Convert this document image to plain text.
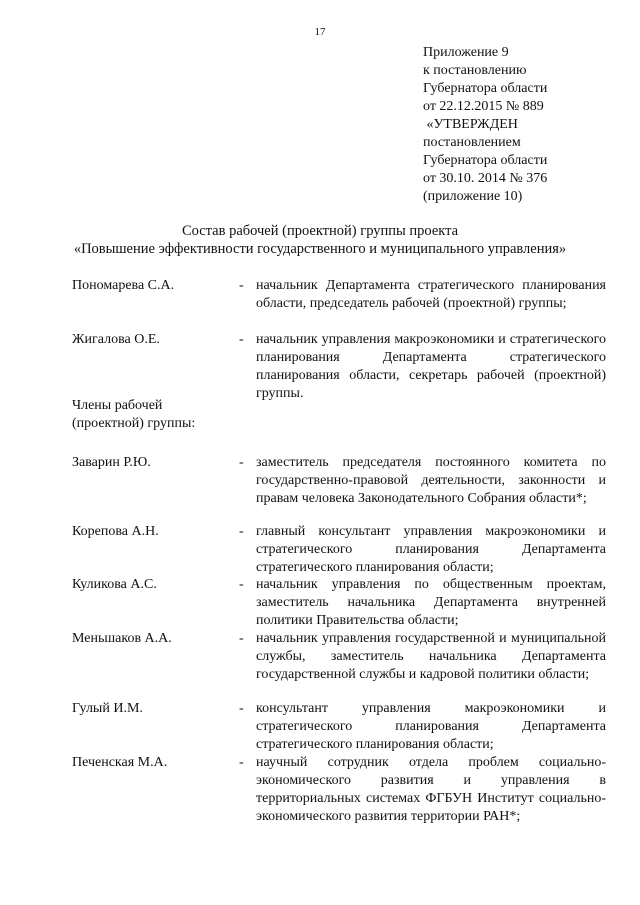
17
Приложение 9
к постановлению
Губернатора области
от 22.12.2015 № 889
«УТВЕРЖДЕН
постановлением
Губернатора области
от 30.10. 2014 № 376
(приложение 10)
Состав рабочей (проектной) группы проекта
«Повышение эффективности государственного и муниципального управления»
Пономарева С.А.	- начальник Департамента стратегического планирования области, председатель рабочей (проектной) группы;
Жигалова О.Е.	- начальник управления макроэкономики и стратегического планирования Департамента стратегического планирования области, секретарь рабочей (проектной) группы.
Члены рабочей
(проектной) группы:
Заварин Р.Ю.	- заместитель председателя постоянного комитета по государственно-правовой деятельности, законности и правам человека Законодательного Собрания области*;
Корепова А.Н.	- главный консультант управления макроэкономики и стратегического планирования Департамента стратегического планирования области;
Куликова А.С.	- начальник управления по общественным проектам, заместитель начальника Департамента внутренней политики Правительства области;
Меньшаков А.А.	- начальник управления государственной и муниципальной службы, заместитель начальника Департамента государственной службы и кадровой политики области;
Гулый И.М.	- консультант управления макроэкономики и стратегического планирования Департамента стратегического планирования области;
Печенская М.А.	- научный сотрудник отдела проблем социально-экономического развития и управления в территориальных системах ФГБУН Институт социально-экономического развития территории РАН*;
